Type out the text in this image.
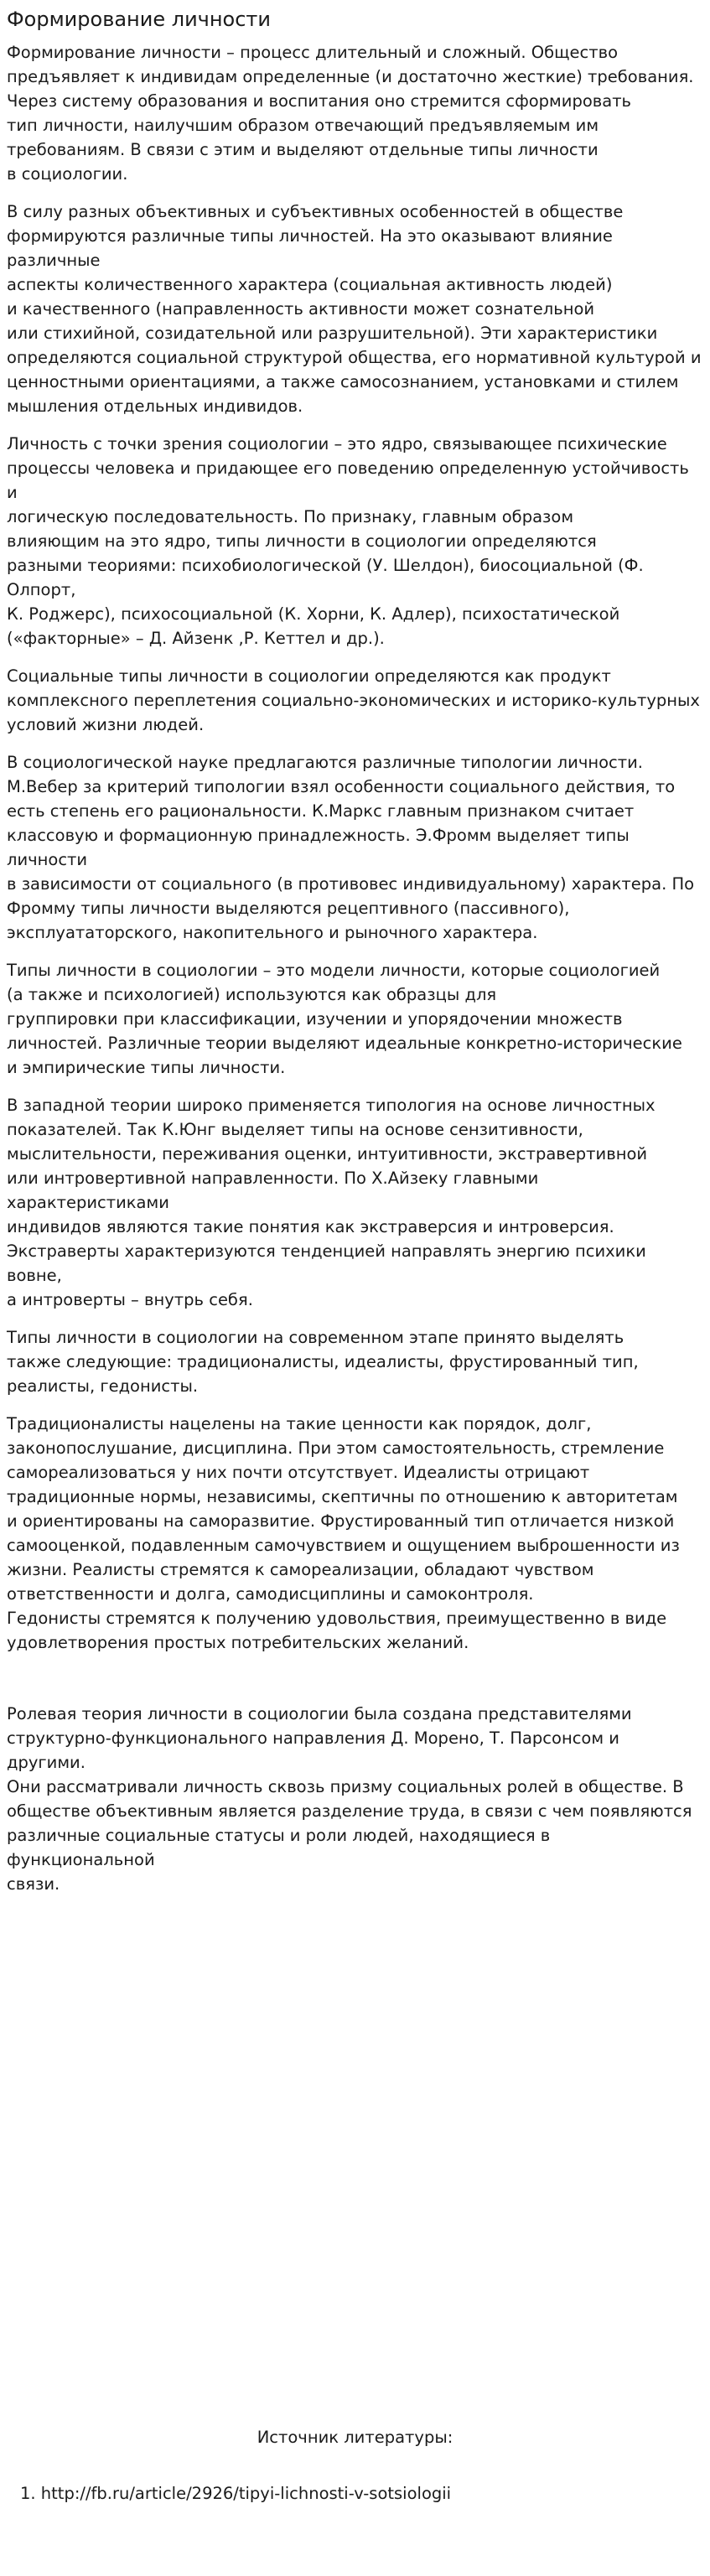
Формирование личности

Формирование личности – процесс длительный и сложный. Общество
предъявляет к индивидам определенные (и достаточно жесткие) требования.
Через систему образования и воспитания оно стремится сформировать
тип личности, наилучшим образом отвечающий предъявляемым им
требованиям. В связи с этим и выделяют отдельные типы личности
в социологии.

В силу разных объективных и субъективных особенностей в обществе
формируются различные типы личностей. На это оказывают влияние различные
аспекты количественного характера (социальная активность людей)
и качественного (направленность активности может сознательной
или стихийной, созидательной или разрушительной). Эти характеристики
определяются социальной структурой общества, его нормативной культурой и
ценностными ориентациями, а также самосознанием, установками и стилем
мышления отдельных индивидов.

Личность с точки зрения социологии – это ядро, связывающее психические
процессы человека и придающее его поведению определенную устойчивость и
логическую последовательность. По признаку, главным образом
влияющим на это ядро, типы личности в социологии определяются
разными теориями: психобиологической (У. Шелдон), биосоциальной (Ф. Олпорт,
К. Роджерс), психосоциальной (К. Хорни, К. Адлер), психостатической
(«факторные» – Д. Айзенк ,Р. Кеттел и др.).

Социальные типы личности в социологии определяются как продукт
комплексного переплетения социально-экономических и историко-культурных
условий жизни людей.

В социологической науке предлагаются различные типологии личности.
М.Вебер за критерий типологии взял особенности социального действия, то
есть степень его рациональности. К.Маркс главным признаком считает
классовую и формационную принадлежность. Э.Фромм выделяет типы личности
в зависимости от социального (в противовес индивидуальному) характера. По
Фромму типы личности выделяются рецептивного (пассивного),
эксплуататорского, накопительного и рыночного характера.

Типы личности в социологии – это модели личности, которые социологией
(а также и психологией) используются как образцы для
группировки при классификации, изучении и упорядочении множеств
личностей. Различные теории выделяют идеальные конкретно-исторические
и эмпирические типы личности.

В западной теории широко применяется типология на основе личностных
показателей. Так К.Юнг выделяет типы на основе сензитивности,
мыслительности, переживания оценки, интуитивности, экстравертивной
или интровертивной направленности. По Х.Айзеку главными характеристиками
индивидов являются такие понятия как экстраверсия и интроверсия.
Экстраверты характеризуются тенденцией направлять энергию психики вовне,
а интроверты – внутрь себя.

Типы личности в социологии на современном этапе принято выделять
также следующие: традиционалисты, идеалисты, фрустированный тип,
реалисты, гедонисты.

Традиционалисты нацелены на такие ценности как порядок, долг,
законопослушание, дисциплина. При этом самостоятельность, стремление
самореализоваться у них почти отсутствует. Идеалисты отрицают
традиционные нормы, независимы, скептичны по отношению к авторитетам
и ориентированы на саморазвитие. Фрустированный тип отличается низкой
самооценкой, подавленным самочувствием и ощущением выброшенности из
жизни. Реалисты стремятся к самореализации, обладают чувством
ответственности и долга, самодисциплины и самоконтроля.
Гедонисты стремятся к получению удовольствия, преимущественно в виде
удовлетворения простых потребительских желаний.

Ролевая теория личности в социологии была создана представителями
структурно-функционального направления Д. Морено, Т. Парсонсом и другими.
Они рассматривали личность сквозь призму социальных ролей в обществе. В
обществе объективным является разделение труда, в связи с чем появляются
различные социальные статусы и роли людей, находящиеся в функциональной
связи.

Источник литературы:

1. http://fb.ru/article/2926/tipyi-lichnosti-v-sotsiologii
